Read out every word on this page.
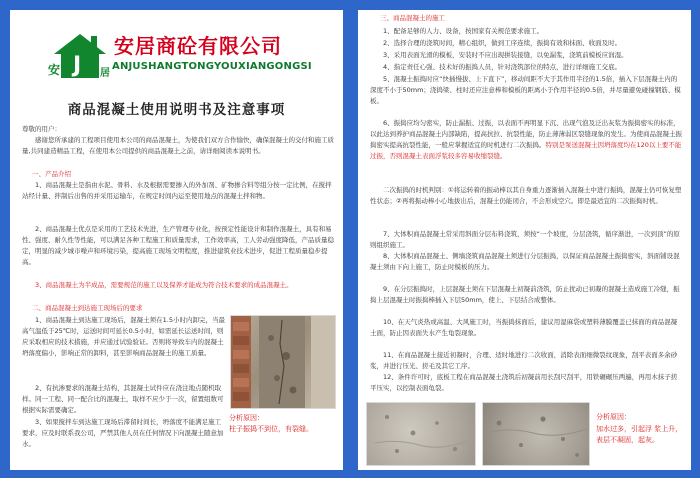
安 J 居
安居商砼有限公司
ANJUSHANGTONGYOUXIANGONGSI
商品混凝土使用说明书及注意事项
尊敬的用户：
感谢您所承建的工程项目使用本公司的商品混凝土，为使我们双方合作愉快，确保混凝土的交付和施工质量,共同建造精品工程，在使用本公司提供的商品混凝土之前，请详细阅读本说明书。
一、产品介绍
1、商品混凝土是指由水泥、骨料、水及根据需要掺入的外加剂、矿物掺合料等组分按一定比例，在搅拌站经计量、拌制后出售的并采用运输车，在规定时间内运至使用地点的混凝土拌和物。
2、商品混凝土优点是采用的工艺技术先进，生产管理专业化，按预定性能设计和制作混凝土，具有和易性、强度、耐久性等性能，可以满足各种工程施工和质量需求，工作效率高，工人劳动强度降低，产品质量稳定，明显的减少城市噪声和环境污染，提高施工现场文明程度，推进建筑业技术进步，促进工程质量稳步提高。
3、商品混凝土为半成品，需要规范的施工以及保养才能成为符合技术要求的成品混凝土。
二、商品混凝土到达施工现场后的要求
1、商品混凝土到达施工现场后，混凝土须在1.5小时内卸完，当最高气温低于25℃时，运送时间可延长0.5小时，如需延长运送时间，则应采取相应的技术措施，并应通过试验验证。否则将导致车内的混凝土坍落度偏小，影响正常的卸料，甚至影响商品混凝土的施工质量。
2、有抗渗要求的混凝土结构，其混凝土试件应在浇注地点随机取样。同一工程、同一配合比的混凝土，取样不应少于一次，留置组数可根据实际需要确定。
3、如果搅拌车到达施工现场后滞留时间长，坍落度不能满足施工要求，应及时联系我公司，严禁其他人员在任何情况下向混凝土随意加水。
分析原因：
柱子振捣不到位，有裂缝。
三、商品混凝土的施工
1、配备足够的人力、设备，按国家有关规范要求施工。
2、选择合理的浇筑时间，精心组织，做到工序连续，振捣有效和抹面、收面及时。
3、采用表面光滑的模板，安装时不应出现拼装接缝，以免漏浆，浇筑前模板应润湿。
4、指定责任心强、技术好的振捣人员，针对浇筑部位的特点，进行详细施工交底。
5、混凝土振捣时应“快插慢拔、上下直下”，移动间距不大于其作用半径的1.5倍，插入下层混凝土内的深度不小于50mm；浇捣梁、柱时还应注意棒和模板的距离小于作用半径的0.5倍，并尽量避免碰撞钢筋、模板。
6、振捣应均匀密实，防止漏振、过振，以表面不再明显下沉、出现气泡及泛出灰浆为振捣密实的标准，以此达到养护商品混凝土内部缺陷，提高抗拉、抗裂性能，防止薄薄弱区裂缝现象的发生。为使商品混凝土振捣密实提高抗裂性能，一般应掌握适宜的时机进行二次振捣。特别是泵送混凝土因坍落度均在120以上要不能过振，否则混凝土表面浮浆较多容易收缩裂缝。
二次振捣的时机判别：①将运转着的振动棒以其自身重力逐渐插入混凝土中进行振捣，混凝土仍可恢复塑性状态；②再将振动棒小心地拔出后，混凝土仍能闭合，不会形成空穴。即是最适宜的二次振捣时机。
7、大体积商品混凝土常采用斜面分层布料浇筑，须按“一个坡度，分层浇筑，循序渐进，一次到顶”的原则组织施工。
8、大体积商品混凝土、侧墙浇筑商品混凝土须进行分层振捣，以保证商品混凝土振捣密实，斜面铺设混凝土须由下向上施工，防止时模板的压力。
9、在分层振捣时，上层混凝土须在下层混凝土初凝前浇筑，防止扰动已初凝的混凝土造成施工冷缝，振捣上层混凝土时振捣棒插入下层50mm，使上、下层结合成整体。
10、在天气炎热或高温、大风施工时，当振捣抹面后，建议用湿麻袋或塑料薄膜覆盖已抹面的商品混凝土面，防止因表面失水产生龟裂现象。
11、在商品混凝土接近初凝时，合理、适时地进行二次收面，消除表面细微裂纹现象，刮平表面多余砂浆，并进行压光、搓毛及其它工序。
12、条件许可时，底板工程在商品混凝土浇筑后初凝前用长刮尺刮平，用铁碾碾压两遍，再用木抹子搓平压实，以控制表面龟裂。
分析原因：
加水过多，引起浮 浆上升，
表层不凝固，起灰。
